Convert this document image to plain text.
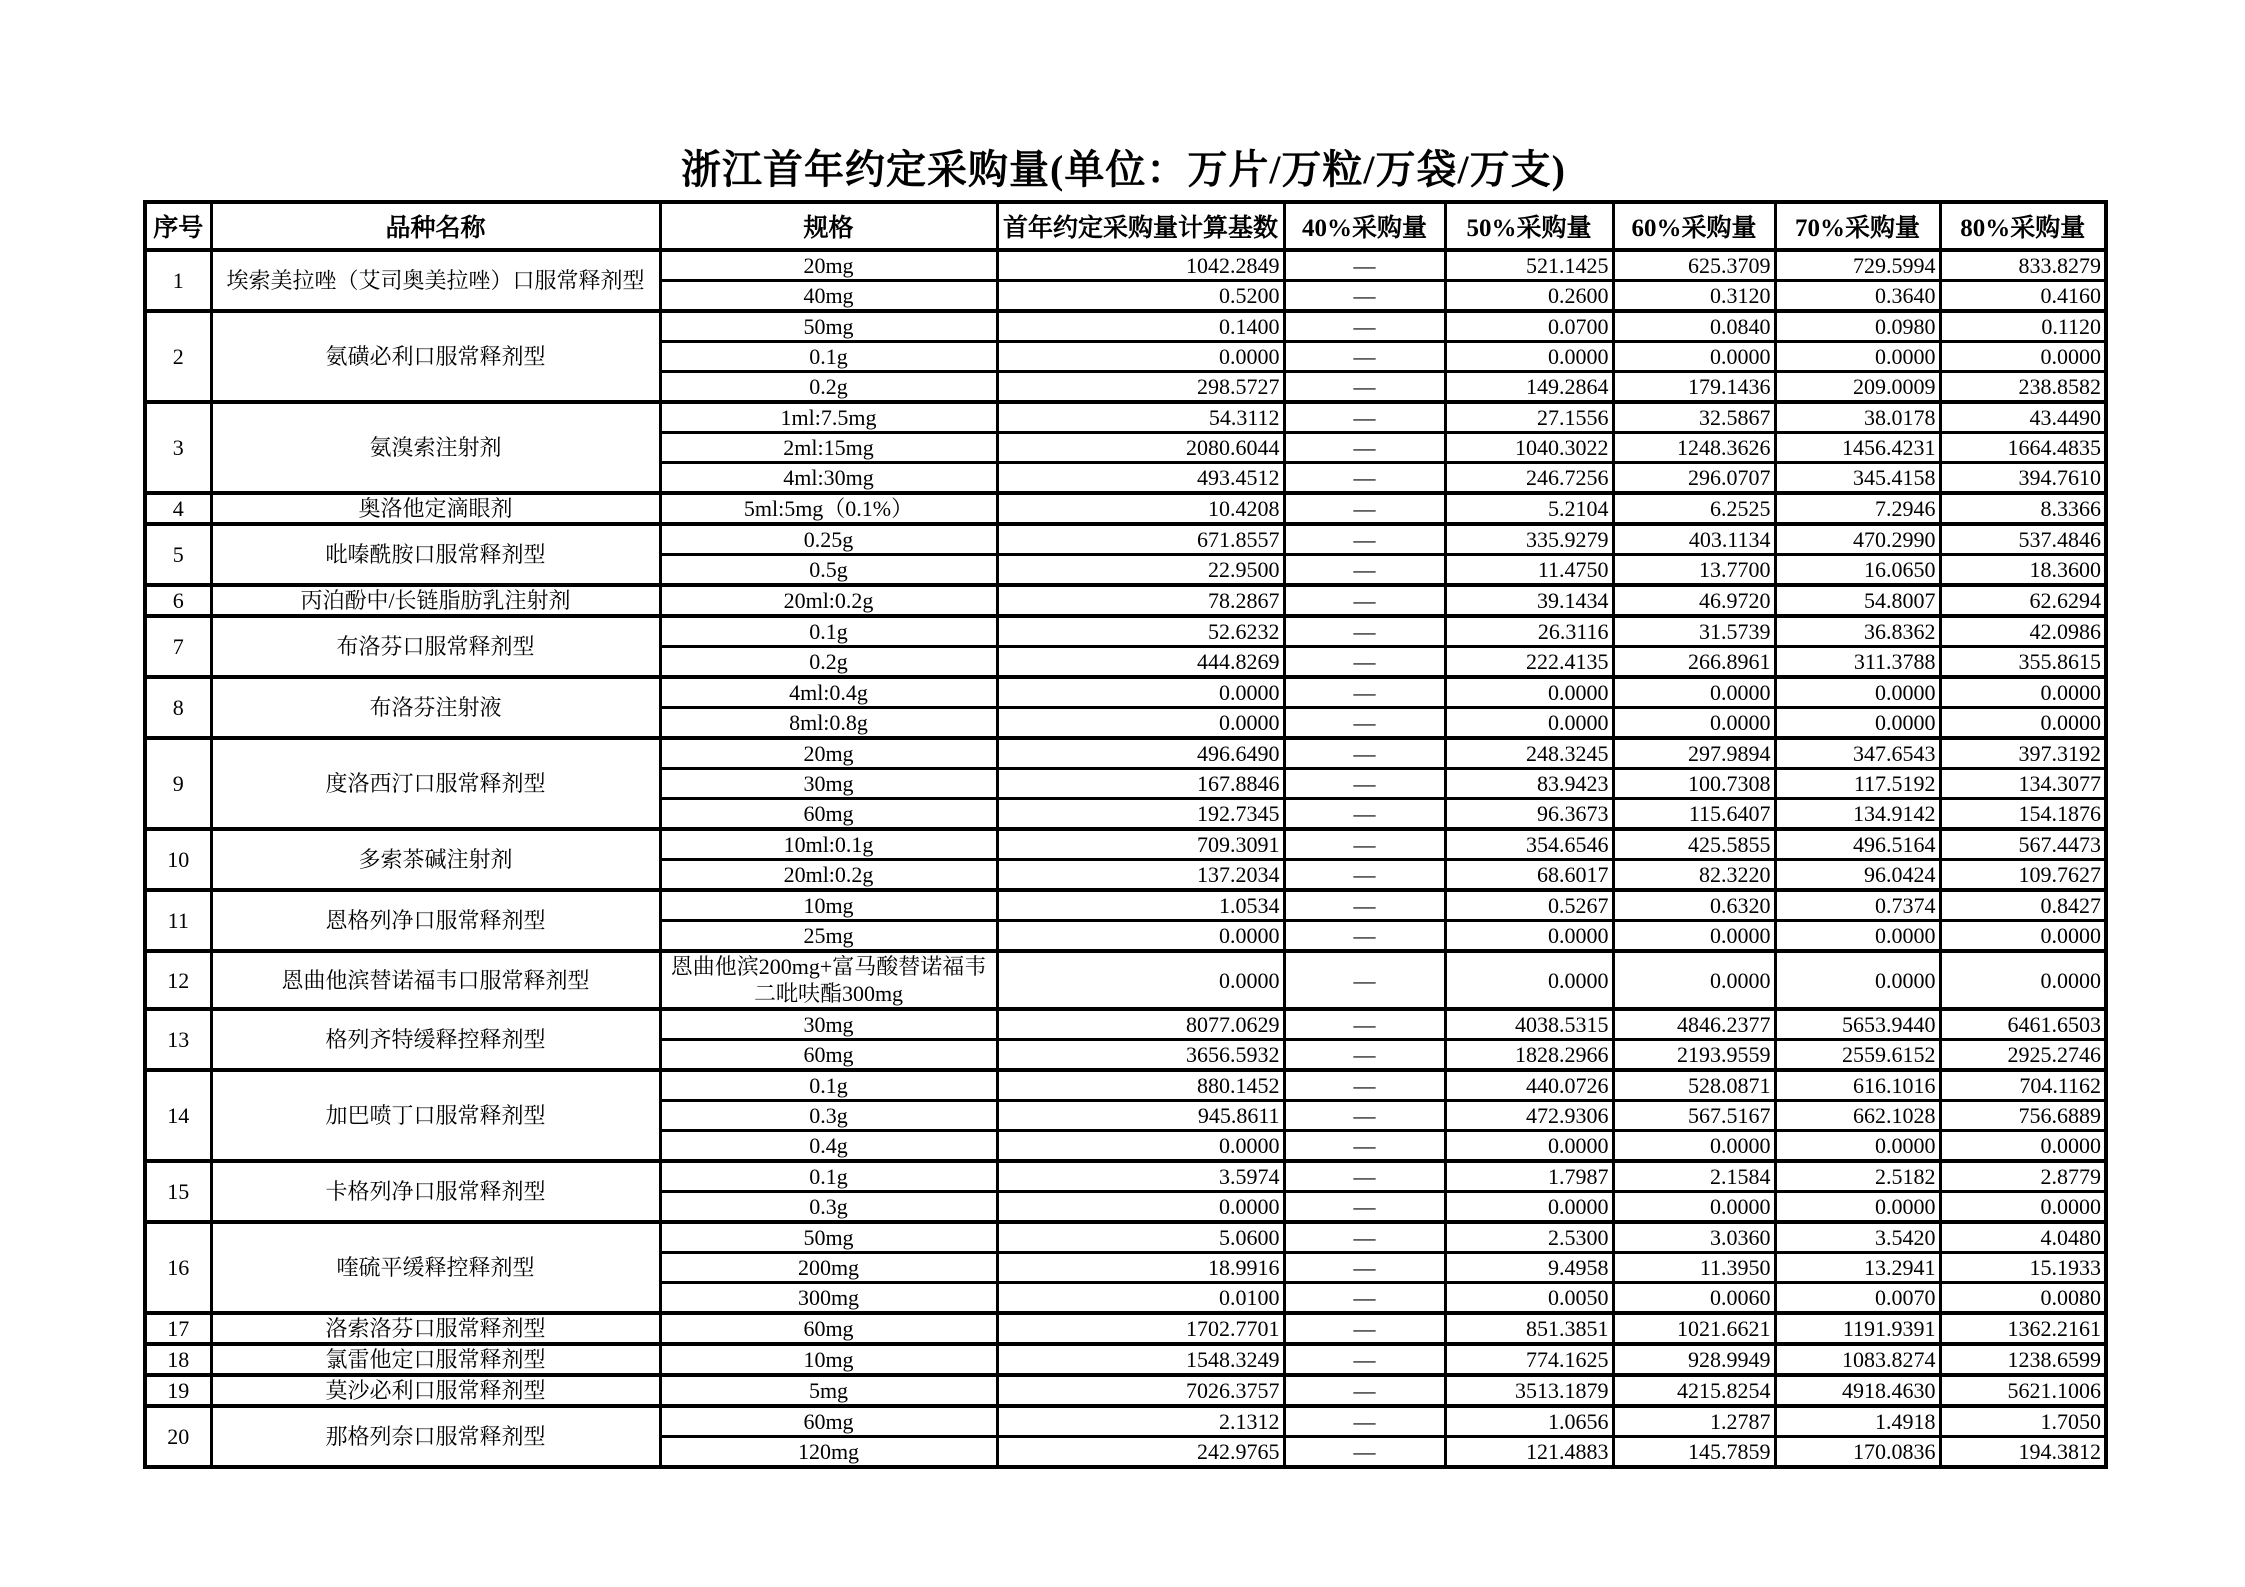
浙江首年约定采购量(单位：万片/万粒/万袋/万支)
序号	品种名称	规格	首年约定采购量计算基数	40%采购量	50%采购量	60%采购量	70%采购量	80%采购量
1	埃索美拉唑（艾司奥美拉唑）口服常释剂型	20mg	1042.2849	—	521.1425	625.3709	729.5994	833.8279
		40mg	0.5200	—	0.2600	0.3120	0.3640	0.4160
2	氨磺必利口服常释剂型	50mg	0.1400	—	0.0700	0.0840	0.0980	0.1120
		0.1g	0.0000	—	0.0000	0.0000	0.0000	0.0000
		0.2g	298.5727	—	149.2864	179.1436	209.0009	238.8582
3	氨溴索注射剂	1ml:7.5mg	54.3112	—	27.1556	32.5867	38.0178	43.4490
		2ml:15mg	2080.6044	—	1040.3022	1248.3626	1456.4231	1664.4835
		4ml:30mg	493.4512	—	246.7256	296.0707	345.4158	394.7610
4	奥洛他定滴眼剂	5ml:5mg（0.1%）	10.4208	—	5.2104	6.2525	7.2946	8.3366
5	吡嗪酰胺口服常释剂型	0.25g	671.8557	—	335.9279	403.1134	470.2990	537.4846
		0.5g	22.9500	—	11.4750	13.7700	16.0650	18.3600
6	丙泊酚中/长链脂肪乳注射剂	20ml:0.2g	78.2867	—	39.1434	46.9720	54.8007	62.6294
7	布洛芬口服常释剂型	0.1g	52.6232	—	26.3116	31.5739	36.8362	42.0986
		0.2g	444.8269	—	222.4135	266.8961	311.3788	355.8615
8	布洛芬注射液	4ml:0.4g	0.0000	—	0.0000	0.0000	0.0000	0.0000
		8ml:0.8g	0.0000	—	0.0000	0.0000	0.0000	0.0000
9	度洛西汀口服常释剂型	20mg	496.6490	—	248.3245	297.9894	347.6543	397.3192
		30mg	167.8846	—	83.9423	100.7308	117.5192	134.3077
		60mg	192.7345	—	96.3673	115.6407	134.9142	154.1876
10	多索茶碱注射剂	10ml:0.1g	709.3091	—	354.6546	425.5855	496.5164	567.4473
		20ml:0.2g	137.2034	—	68.6017	82.3220	96.0424	109.7627
11	恩格列净口服常释剂型	10mg	1.0534	—	0.5267	0.6320	0.7374	0.8427
		25mg	0.0000	—	0.0000	0.0000	0.0000	0.0000
12	恩曲他滨替诺福韦口服常释剂型	恩曲他滨200mg+富马酸替诺福韦二吡呋酯300mg	0.0000	—	0.0000	0.0000	0.0000	0.0000
13	格列齐特缓释控释剂型	30mg	8077.0629	—	4038.5315	4846.2377	5653.9440	6461.6503
		60mg	3656.5932	—	1828.2966	2193.9559	2559.6152	2925.2746
14	加巴喷丁口服常释剂型	0.1g	880.1452	—	440.0726	528.0871	616.1016	704.1162
		0.3g	945.8611	—	472.9306	567.5167	662.1028	756.6889
		0.4g	0.0000	—	0.0000	0.0000	0.0000	0.0000
15	卡格列净口服常释剂型	0.1g	3.5974	—	1.7987	2.1584	2.5182	2.8779
		0.3g	0.0000	—	0.0000	0.0000	0.0000	0.0000
16	喹硫平缓释控释剂型	50mg	5.0600	—	2.5300	3.0360	3.5420	4.0480
		200mg	18.9916	—	9.4958	11.3950	13.2941	15.1933
		300mg	0.0100	—	0.0050	0.0060	0.0070	0.0080
17	洛索洛芬口服常释剂型	60mg	1702.7701	—	851.3851	1021.6621	1191.9391	1362.2161
18	氯雷他定口服常释剂型	10mg	1548.3249	—	774.1625	928.9949	1083.8274	1238.6599
19	莫沙必利口服常释剂型	5mg	7026.3757	—	3513.1879	4215.8254	4918.4630	5621.1006
20	那格列奈口服常释剂型	60mg	2.1312	—	1.0656	1.2787	1.4918	1.7050
		120mg	242.9765	—	121.4883	145.7859	170.0836	194.3812
